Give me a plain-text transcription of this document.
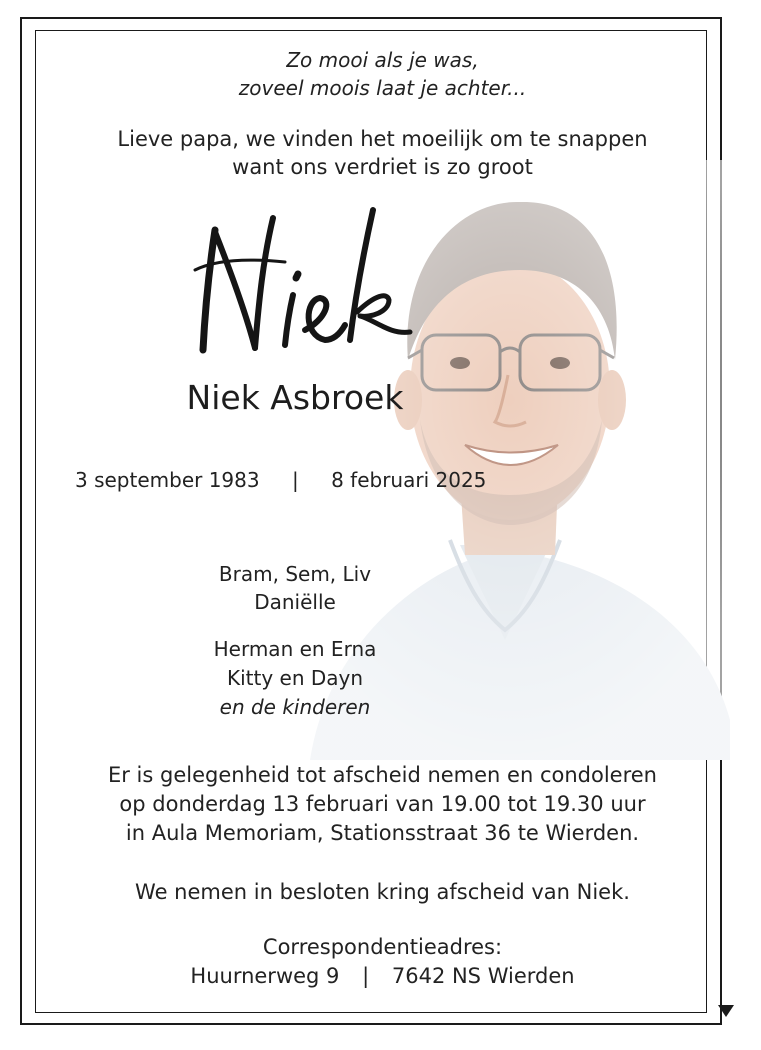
Zo mooi als je was,
zoveel moois laat je achter...
Lieve papa, we vinden het moeilijk om te snappen
want ons verdriet is zo groot
Niek Asbroek
3 september 1983 | 8 februari 2025
Bram, Sem, Liv
Daniëlle
Herman en Erna
Kitty en Dayn
en de kinderen
Er is gelegenheid tot afscheid nemen en condoleren
op donderdag 13 februari van 19.00 tot 19.30 uur
in Aula Memoriam, Stationsstraat 36 te Wierden.
We nemen in besloten kring afscheid van Niek.
Correspondentieadres:
Huurnerweg 9 | 7642 NS Wierden
